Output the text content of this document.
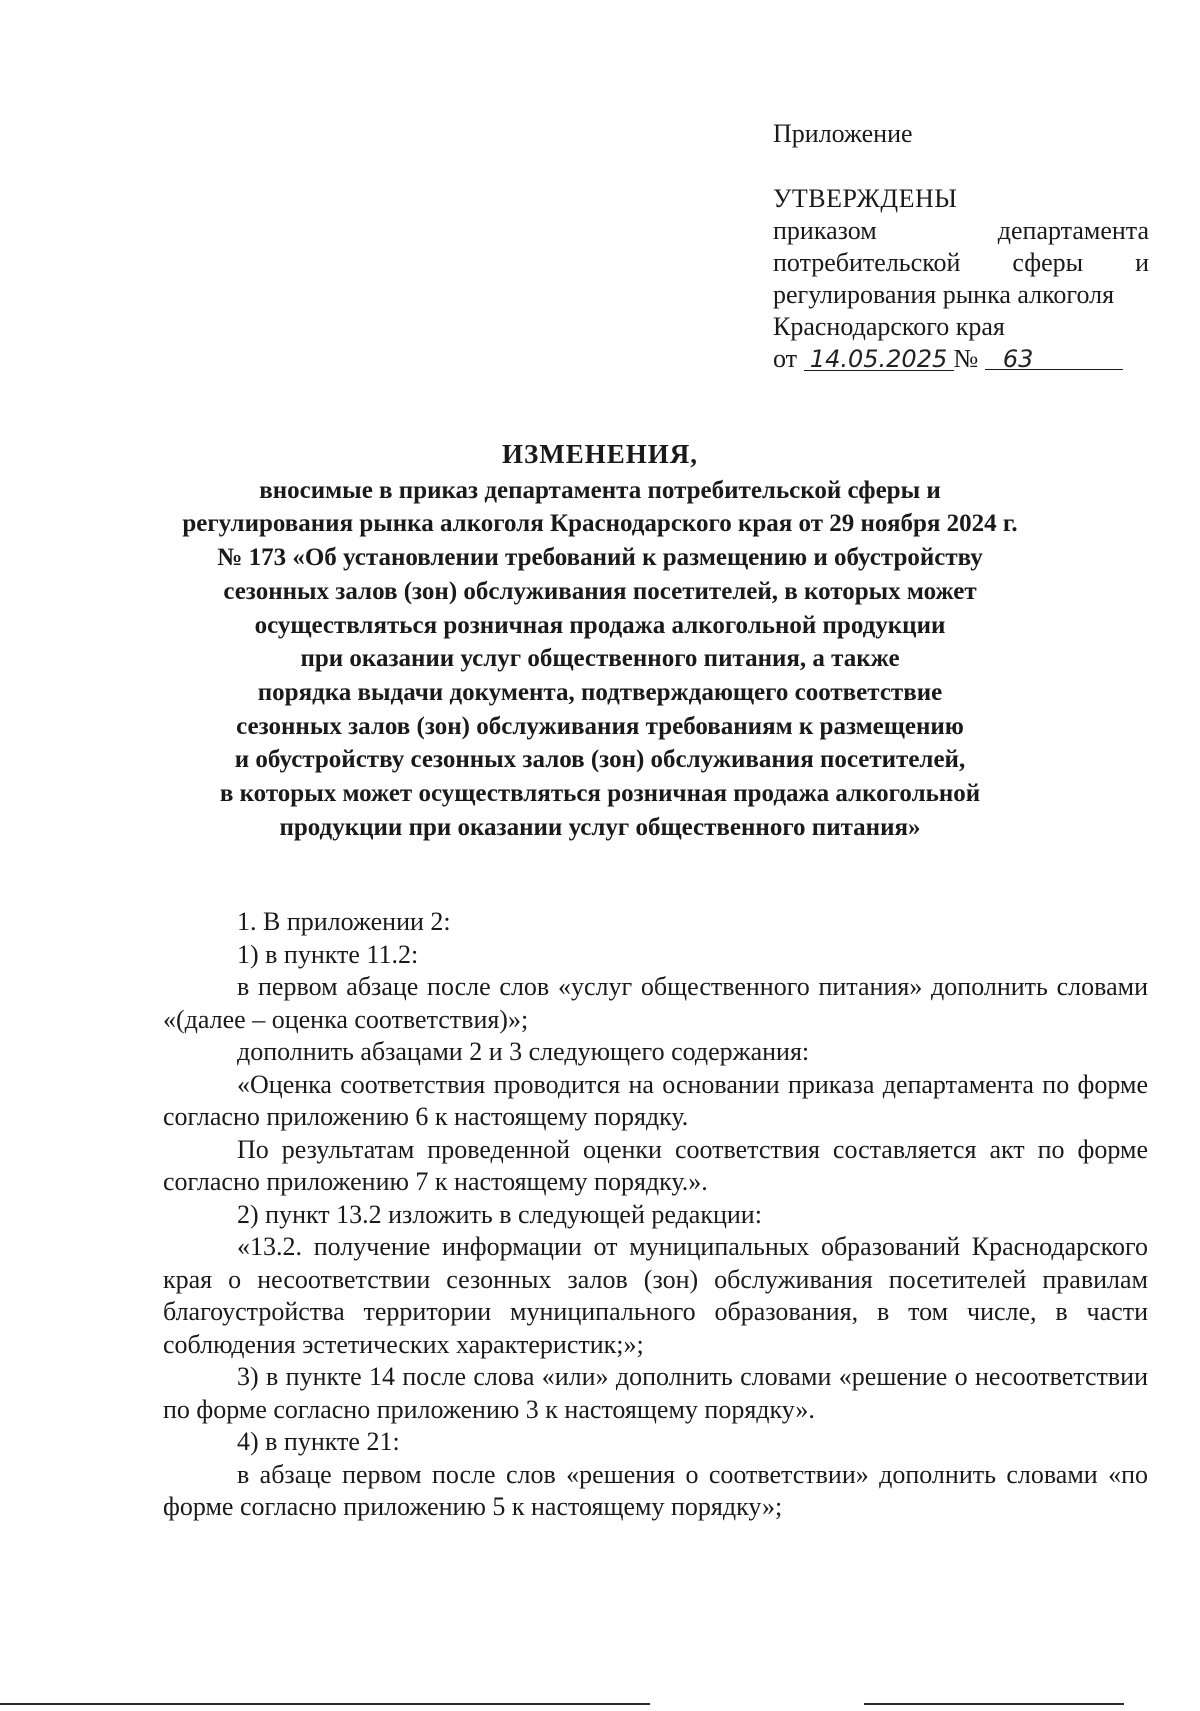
Приложение
УТВЕРЖДЕНЫ
приказом департамента
потребительской сферы и
регулирования рынка алкоголя
Краснодарского края
от 14.05.2025 № 63
ИЗМЕНЕНИЯ,
вносимые в приказ департамента потребительской сферы и
регулирования рынка алкоголя Краснодарского края от 29 ноября 2024 г.
№ 173 «Об установлении требований к размещению и обустройству
сезонных залов (зон) обслуживания посетителей, в которых может
осуществляться розничная продажа алкогольной продукции
при оказании услуг общественного питания, а также
порядка выдачи документа, подтверждающего соответствие
сезонных залов (зон) обслуживания требованиям к размещению
и обустройству сезонных залов (зон) обслуживания посетителей,
в которых может осуществляться розничная продажа алкогольной
продукции при оказании услуг общественного питания»

1. В приложении 2:

1) в пункте 11.2:

в первом абзаце после слов «услуг общественного питания» дополнить словами «(далее – оценка соответствия)»;

дополнить абзацами 2 и 3 следующего содержания:

«Оценка соответствия проводится на основании приказа департамента по форме согласно приложению 6 к настоящему порядку.

По результатам проведенной оценки соответствия составляется акт по форме согласно приложению 7 к настоящему порядку.».

2) пункт 13.2 изложить в следующей редакции:

«13.2. получение информации от муниципальных образований Краснодарского края о несоответствии сезонных залов (зон) обслуживания посетителей правилам благоустройства территории муниципального образования, в том числе, в части соблюдения эстетических характеристик;»;

3) в пункте 14 после слова «или» дополнить словами «решение о несоответствии по форме согласно приложению 3 к настоящему порядку».

4) в пункте 21:

в абзаце первом после слов «решения о соответствии» дополнить словами «по форме согласно приложению 5 к настоящему порядку»;
